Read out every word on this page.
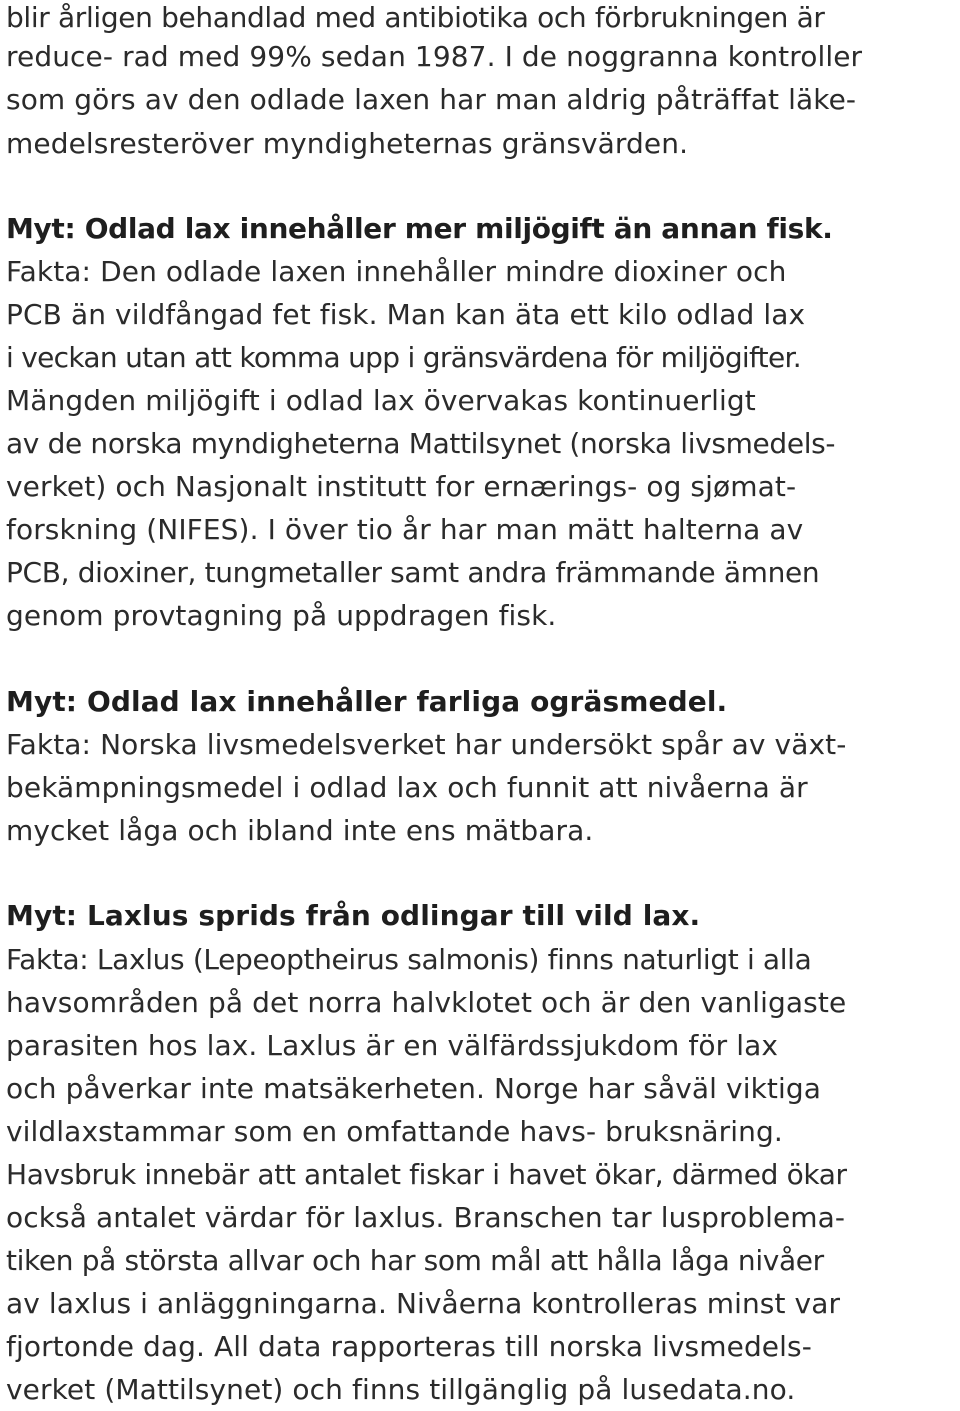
blir årligen behandlad med antibiotika och förbrukningen är
reduce- rad med 99% sedan 1987. I de noggranna kontroller
som görs av den odlade laxen har man aldrig påträffat läke-
medelsresteröver myndigheternas gränsvärden.
Myt: Odlad lax innehåller mer miljögift än annan fisk.
Fakta: Den odlade laxen innehåller mindre dioxiner och
PCB än vildfångad fet fisk. Man kan äta ett kilo odlad lax
i veckan utan att komma upp i gränsvärdena för miljögifter.
Mängden miljögift i odlad lax övervakas kontinuerligt
av de norska myndigheterna Mattilsynet (norska livsmedels-
verket) och Nasjonalt institutt for ernærings- og sjømat-
forskning (NIFES). I över tio år har man mätt halterna av
PCB, dioxiner, tungmetaller samt andra främmande ämnen
genom provtagning på uppdragen fisk.
Myt: Odlad lax innehåller farliga ogräsmedel.
Fakta: Norska livsmedelsverket har undersökt spår av växt-
bekämpningsmedel i odlad lax och funnit att nivåerna är
mycket låga och ibland inte ens mätbara.
Myt: Laxlus sprids från odlingar till vild lax.
Fakta: Laxlus (Lepeoptheirus salmonis) finns naturligt i alla
havsområden på det norra halvklotet och är den vanligaste
parasiten hos lax. Laxlus är en välfärdssjukdom för lax
och påverkar inte matsäkerheten. Norge har såväl viktiga
vildlaxstammar som en omfattande havs- bruksnäring.
Havsbruk innebär att antalet fiskar i havet ökar, därmed ökar
också antalet värdar för laxlus. Branschen tar lusproblema-
tiken på största allvar och har som mål att hålla låga nivåer
av laxlus i anläggningarna. Nivåerna kontrolleras minst var
fjortonde dag. All data rapporteras till norska livsmedels-
verket (Mattilsynet) och finns tillgänglig på lusedata.no.
